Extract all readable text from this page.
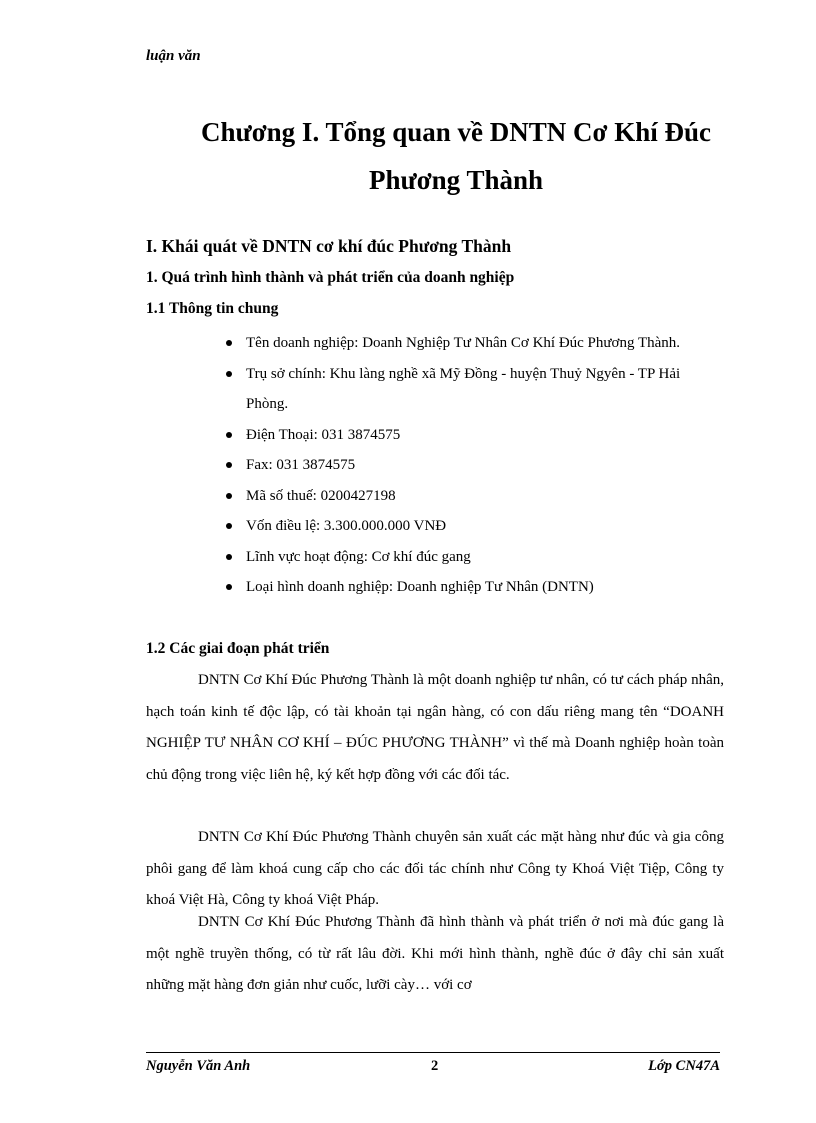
luận văn
Chương I. Tổng quan về DNTN Cơ Khí Đúc
Phương Thành
I. Khái quát về DNTN cơ khí đúc Phương Thành
1. Quá trình hình thành và phát triển của doanh nghiệp
1.1 Thông tin chung
Tên doanh nghiệp: Doanh Nghiệp Tư Nhân Cơ Khí Đúc Phương Thành.
Trụ sở chính: Khu làng nghề xã Mỹ Đồng - huyện Thuỷ Ngyên - TP Hải Phòng.
Điện Thoại: 031 3874575
Fax: 031 3874575
Mã số thuế: 0200427198
Vốn điều lệ: 3.300.000.000 VNĐ
Lĩnh vực hoạt động: Cơ khí đúc gang
Loại hình doanh nghiệp: Doanh nghiệp Tư Nhân (DNTN)
1.2 Các giai đoạn phát triển

DNTN Cơ Khí Đúc Phương Thành là một doanh nghiệp tư nhân, có tư cách pháp nhân, hạch toán kinh tế độc lập, có tài khoản tại ngân hàng, có con dấu riêng mang tên “DOANH NGHIỆP TƯ NHÂN CƠ KHÍ – ĐÚC PHƯƠNG THÀNH” vì thế mà Doanh nghiệp hoàn toàn chủ động trong việc liên hệ, ký kết hợp đồng với các đối tác.

DNTN Cơ Khí Đúc Phương Thành chuyên sản xuất các mặt hàng như đúc và gia công phôi gang để làm khoá cung cấp cho các đối tác chính như Công ty Khoá Việt Tiệp, Công ty khoá Việt Hà, Công ty khoá Việt Pháp.

DNTN Cơ Khí Đúc Phương Thành đã hình thành và phát triển ở nơi mà đúc gang là một nghề truyền thống, có từ rất lâu đời. Khi mới hình thành, nghề đúc ở đây chỉ sản xuất những mặt hàng đơn giản như cuốc, lưỡi cày… với cơ

Nguyễn Văn Anh	2	Lớp CN47A
